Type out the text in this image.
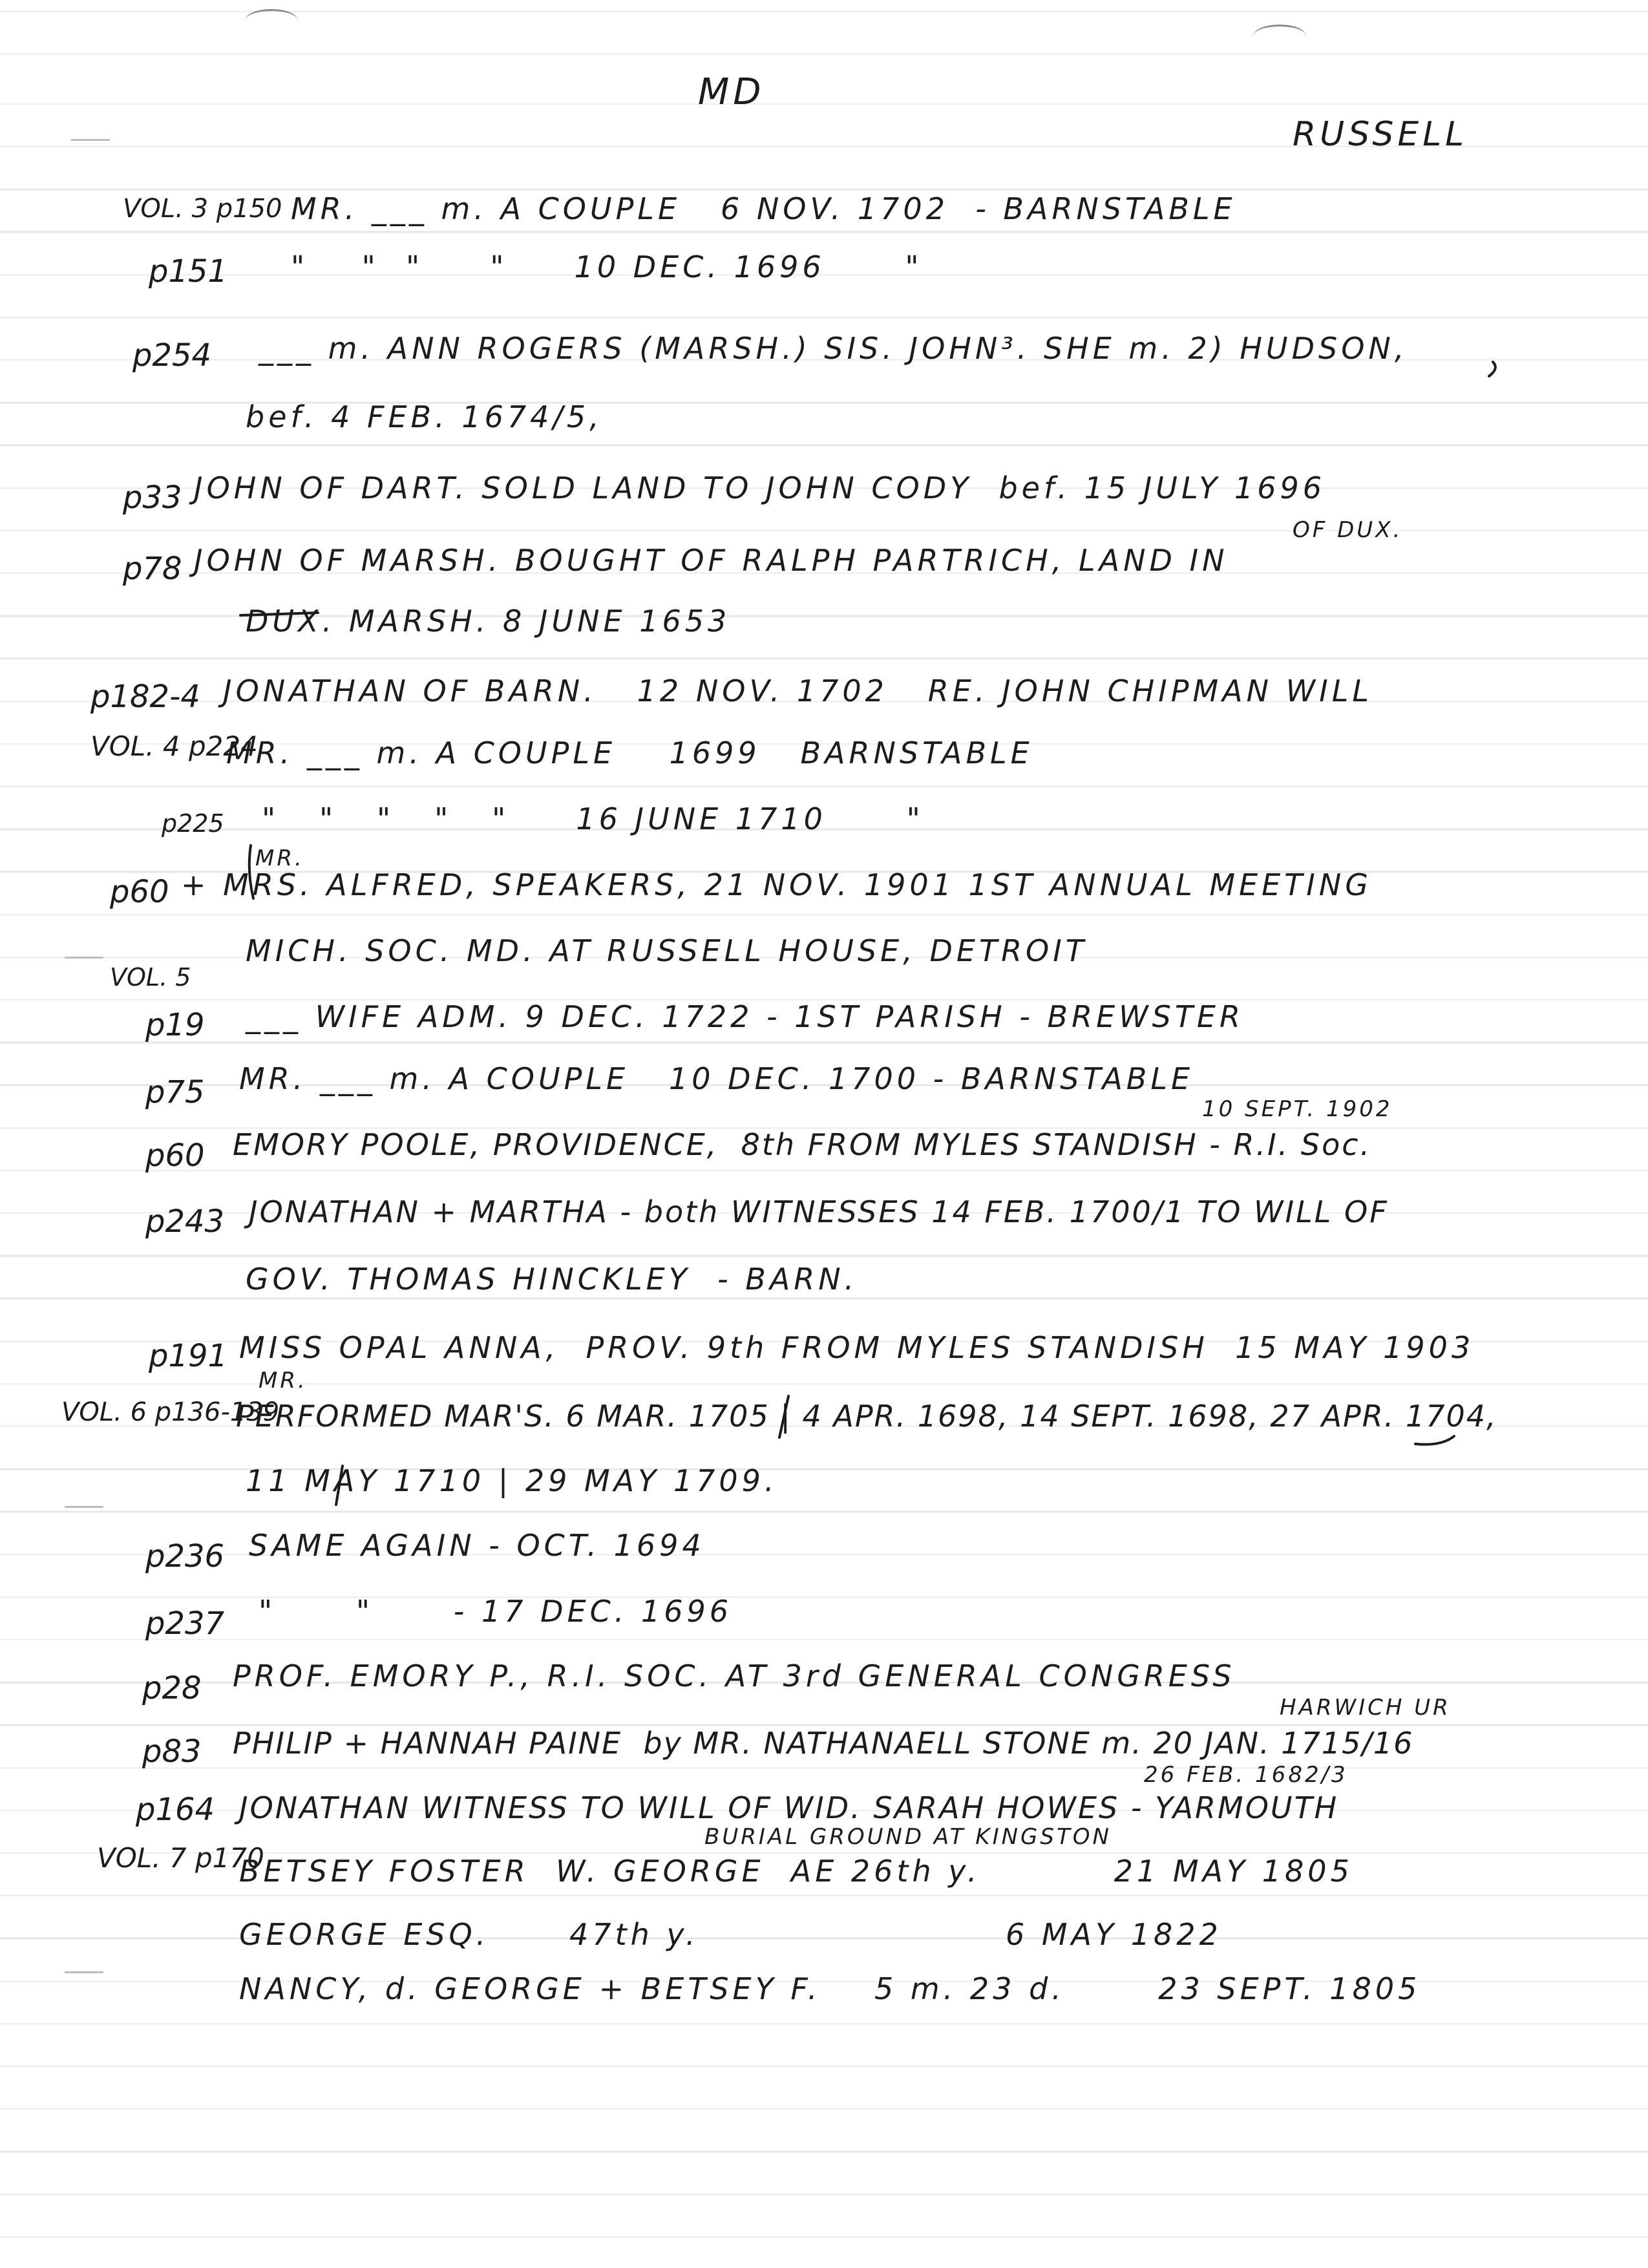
MD
RUSSELL
VOL. 3 p150 MR. ___ m. A COUPLE   6 NOV. 1702  - BARNSTABLE
p151 "    "  "     "     10 DEC. 1696      "
p254 ___ m. ANN ROGERS (MARSH.) SIS. JOHN³. SHE m. 2) HUDSON,
bef. 4 FEB. 1674/5,
p33 JOHN OF DART. SOLD LAND TO JOHN CODY  bef. 15 JULY 1696
p78 JOHN OF MARSH. BOUGHT OF RALPH PARTRICH, LAND IN
OF DUX.
DUX. MARSH. 8 JUNE 1653
p182-4 JONATHAN OF BARN.   12 NOV. 1702   RE. JOHN CHIPMAN WILL
VOL. 4 p224
MR. ___ m. A COUPLE    1699   BARNSTABLE
p225 "   "   "   "   "     16 JUNE 1710      "
MR.
p60 + MRS. ALFRED, SPEAKERS, 21 NOV. 1901 1ST ANNUAL MEETING
VOL. 5
MICH. SOC. MD. AT RUSSELL HOUSE, DETROIT
p19 ___ WIFE ADM. 9 DEC. 1722 - 1ST PARISH - BREWSTER
p75 MR. ___ m. A COUPLE   10 DEC. 1700 - BARNSTABLE
10 SEPT. 1902
p60 EMORY POOLE, PROVIDENCE,  8th FROM MYLES STANDISH - R.I. Soc.
p243 JONATHAN + MARTHA - both WITNESSES 14 FEB. 1700/1 TO WILL OF
GOV. THOMAS HINCKLEY  - BARN.
p191 MISS OPAL ANNA,  PROV. 9th FROM MYLES STANDISH  15 MAY 1903
MR.
VOL. 6 p136-139
PERFORMED MAR'S. 6 MAR. 1705 | 4 APR. 1698, 14 SEPT. 1698, 27 APR. 1704,
11 MAY 1710 | 29 MAY 1709.
p236 SAME AGAIN - OCT. 1694
p237 "      "      - 17 DEC. 1696
p28 PROF. EMORY P., R.I. SOC. AT 3rd GENERAL CONGRESS
HARWICH UR
p83 PHILIP + HANNAH PAINE  by MR. NATHANAELL STONE m. 20 JAN. 1715/16
26 FEB. 1682/3
p164 JONATHAN WITNESS TO WILL OF WID. SARAH HOWES - YARMOUTH
BURIAL GROUND AT KINGSTON
VOL. 7 p170
BETSEY FOSTER  W. GEORGE  AE 26th y.          21 MAY 1805
GEORGE ESQ.      47th y.                       6 MAY 1822
NANCY, d. GEORGE + BETSEY F.    5 m. 23 d.       23 SEPT. 1805
